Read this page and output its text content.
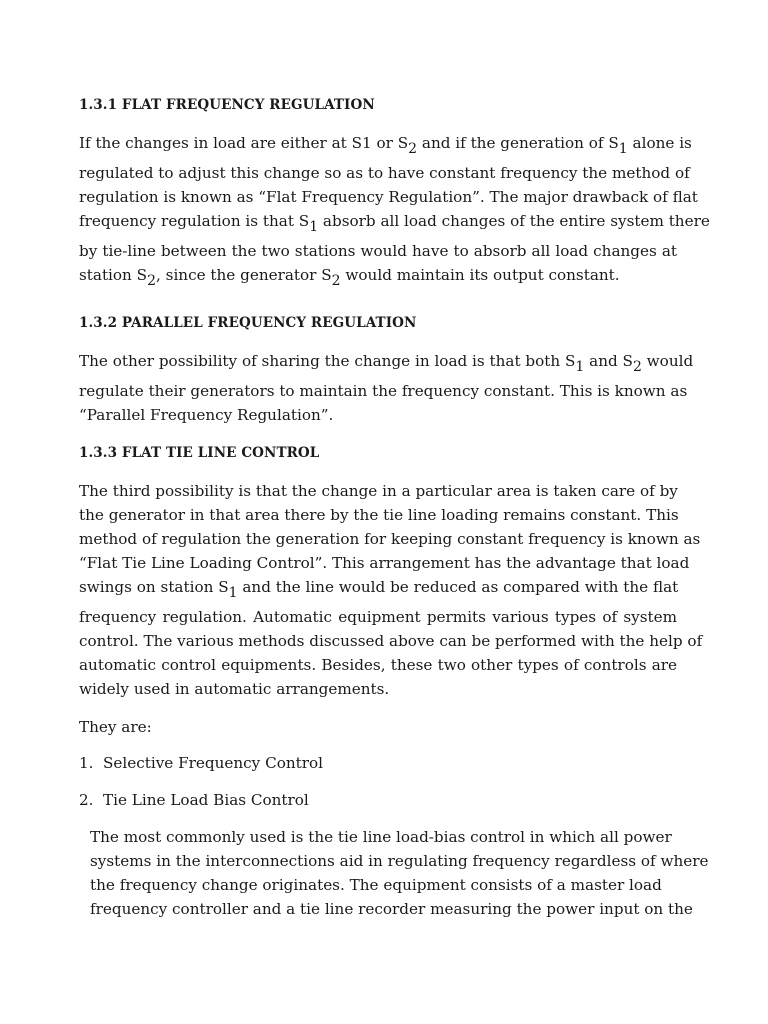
1.3.1 FLAT FREQUENCY REGULATION

If the changes in load are either at S1 or $S_2$ and if the generation of $S_1$ alone is
regulated to adjust this change so as to have constant frequency the method of
regulation is known as “Flat Frequency Regulation”. The major drawback of flat
frequency regulation is that $S_1$ absorb all load changes of the entire system there
by tie-line between the two stations would have to absorb all load changes at
station $S_2$, since the generator $S_2$ would maintain its output constant.

1.3.2 PARALLEL FREQUENCY REGULATION

The other possibility of sharing the change in load is that both $S_1$ and $S_2$ would
regulate their generators to maintain the frequency constant. This is known as
“Parallel Frequency Regulation”.

1.3.3 FLAT TIE LINE CONTROL

The third possibility is that the change in a particular area is taken care of by
the generator in that area there by the tie line loading remains constant. This
method of regulation the generation for keeping constant frequency is known as
“Flat Tie Line Loading Control”. This arrangement has the advantage that load
swings on station $S_1$ and the line would be reduced as compared with the flat
frequency regulation. Automatic equipment permits various types of system
control. The various methods discussed above can be performed with the help of
automatic control equipments. Besides, these two other types of controls are
widely used in automatic arrangements.

They are:

1. Selective Frequency Control
2. Tie Line Load Bias Control
The most commonly used is the tie line load-bias control in which all power
systems in the interconnections aid in regulating frequency regardless of where
the frequency change originates. The equipment consists of a master load
frequency controller and a tie line recorder measuring the power input on the
